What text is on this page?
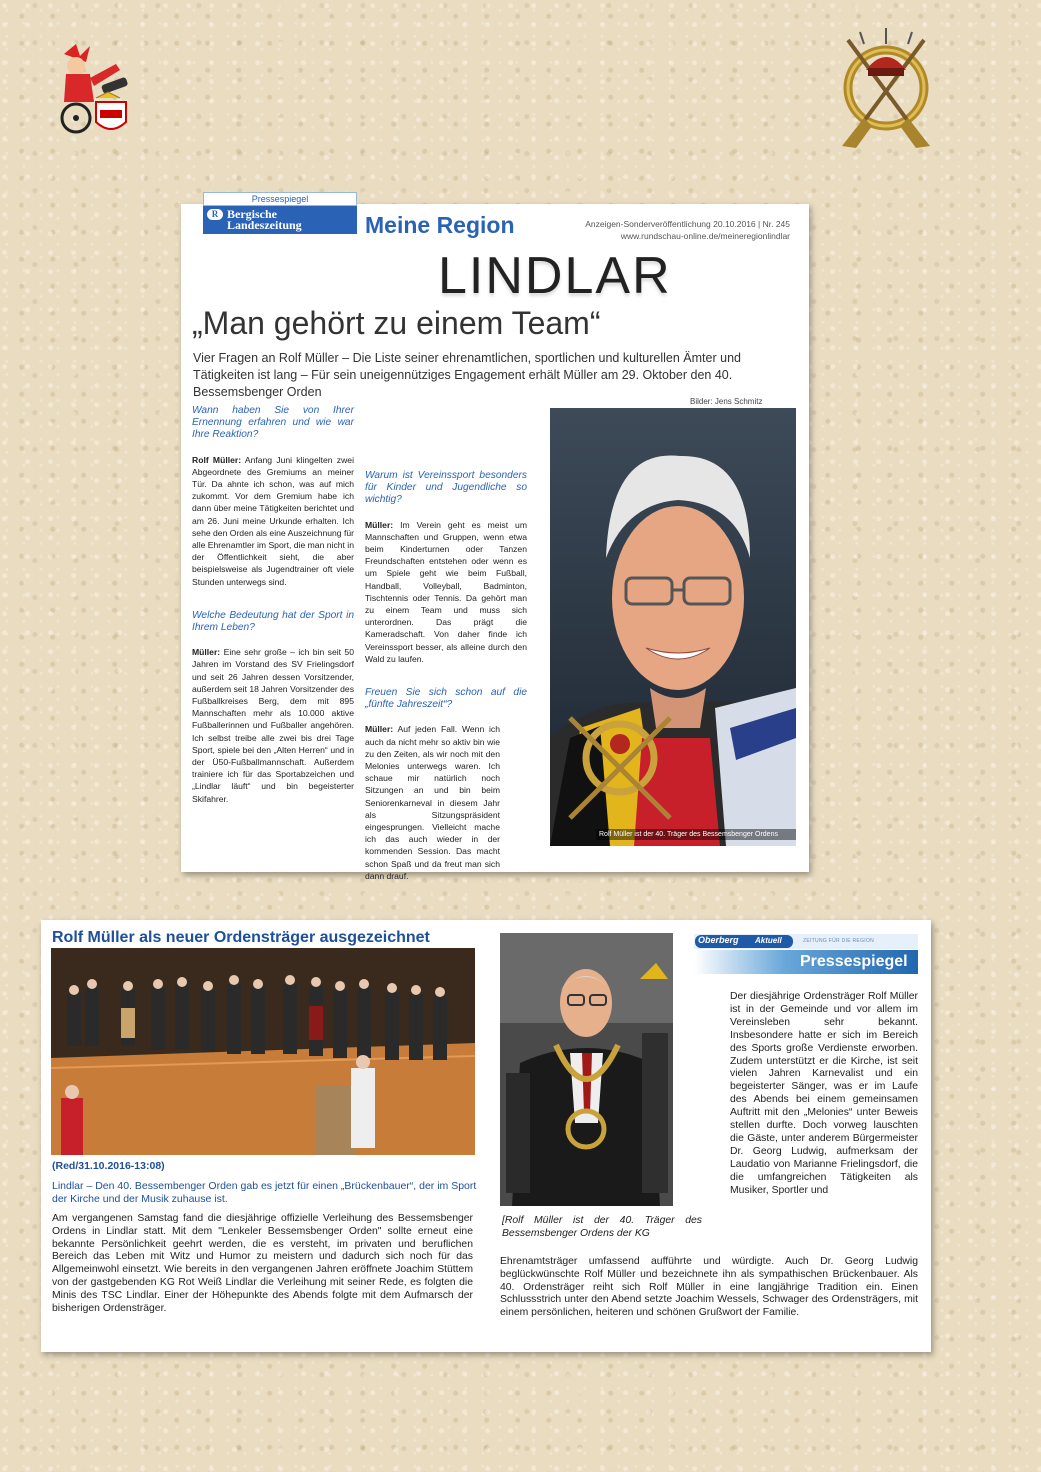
Pressespiegel
R Bergische Landeszeitung	Meine Region	Anzeigen-Sonderveröffentlichung 20.10.2016 | Nr. 245
www.rundschau-online.de/meineregionlindlar
LINDLAR
„Man gehört zu einem Team“
Vier Fragen an Rolf Müller – Die Liste seiner ehrenamtlichen, sportlichen und kulturellen Ämter und Tätigkeiten ist lang – Für sein uneigennütziges Engagement erhält Müller am 29. Oktober den 40. Bessemsbenger Orden
Bilder: Jens Schmitz
Wann haben Sie von Ihrer Ernennung erfahren und wie war Ihre Reaktion?

Rolf Müller: Anfang Juni klingelten zwei Abgeordnete des Gremiums an meiner Tür. Da ahnte ich schon, was auf mich zukommt. Vor dem Gremium habe ich dann über meine Tätigkeiten berichtet und am 26. Juni meine Urkunde erhalten. Ich sehe den Orden als eine Auszeichnung für alle Ehrenamtler im Sport, die man nicht in der Öffentlichkeit sieht, die aber beispielsweise als Jugendtrainer oft viele Stunden unterwegs sind.

Welche Bedeutung hat der Sport in Ihrem Leben?

Müller: Eine sehr große – ich bin seit 50 Jahren im Vorstand des SV Frielingsdorf und seit 26 Jahren dessen Vorsitzender, außerdem seit 18 Jahren Vorsitzender des Fußballkreises Berg, dem mit 895 Mannschaften mehr als 10.000 aktive Fußballerinnen und Fußballer angehören. Ich selbst treibe alle zwei bis drei Tage Sport, spiele bei den „Alten Herren“ und in der Ü50-Fußballmannschaft. Außerdem trainiere ich für das Sportabzeichen und „Lindlar läuft“ und bin begeisterter Skifahrer.

Warum ist Vereinssport besonders für Kinder und Jugendliche so wichtig?

Müller: Im Verein geht es meist um Mannschaften und Gruppen, wenn etwa beim Kinderturnen oder Tanzen Freundschaften entstehen oder wenn es um Spiele geht wie beim Fußball, Handball, Volleyball, Badminton, Tischtennis oder Tennis. Da gehört man zu einem Team und muss sich unterordnen. Das prägt die Kameradschaft. Von daher finde ich Vereinssport besser, als alleine durch den Wald zu laufen.

Freuen Sie sich schon auf die „fünfte Jahreszeit“?

Müller: Auf jeden Fall. Wenn ich auch da nicht mehr so aktiv bin wie zu den Zeiten, als wir noch mit den Melonies unterwegs waren. Ich schaue mir natürlich noch Sitzungen an und bin beim Seniorenkarneval in diesem Jahr als Sitzungspräsident eingesprungen. Vielleicht mache ich das auch wieder in der kommenden Session. Das macht schon Spaß und da freut man sich dann drauf.

Rolf Müller ist der 40. Träger des Bessemsbenger Ordens
Rolf Müller als neuer Ordensträger ausgezeichnet
(Red/31.10.2016-13:08)
Lindlar – Den 40. Bessembenger Orden gab es jetzt für einen „Brückenbauer“, der im Sport der Kirche und der Musik zuhause ist.
Am vergangenen Samstag fand die diesjährige offizielle Verleihung des Bessemsbenger Ordens in Lindlar statt. Mit dem "Lenkeler Bessemsbenger Orden" sollte erneut eine bekannte Persönlichkeit geehrt werden, die es versteht, im privaten und beruflichen Bereich das Leben mit Witz und Humor zu meistern und dadurch sich noch für das Allgemeinwohl einsetzt. Wie bereits in den vergangenen Jahren eröffnete Joachim Stüttem von der gastgebenden KG Rot Weiß Lindlar die Verleihung mit seiner Rede, es folgten die Minis des TSC Lindlar. Einer der Höhepunkte des Abends folgte mit dem Aufmarsch der bisherigen Ordensträger.
[Rolf Müller ist der 40. Träger des Bessemsbenger Ordens der KG
Oberberg Aktuell	ZEITUNG FÜR DIE REGION
Pressespiegel
Der diesjährige Ordensträger Rolf Müller ist in der Gemeinde und vor allem im Vereinsleben sehr bekannt. Insbesondere hatte er sich im Bereich des Sports große Verdienste erworben. Zudem unterstützt er die Kirche, ist seit vielen Jahren Karnevalist und ein begeisterter Sänger, was er im Laufe des Abends bei einem gemeinsamen Auftritt mit den „Melonies“ unter Beweis stellen durfte. Doch vorweg lauschten die Gäste, unter anderem Bürgermeister Dr. Georg Ludwig, aufmerksam der Laudatio von Marianne Frielingsdorf, die die umfangreichen Tätigkeiten als Musiker, Sportler und
Ehrenamtsträger umfassend aufführte und würdigte. Auch Dr. Georg Ludwig beglückwünschte Rolf Müller und bezeichnete ihn als sympathischen Brückenbauer. Als 40. Ordensträger reiht sich Rolf Müller in eine langjährige Tradition ein. Einen Schlussstrich unter den Abend setzte Joachim Wessels, Schwager des Ordensträgers, mit einem persönlichen, heiteren und schönen Grußwort der Familie.
